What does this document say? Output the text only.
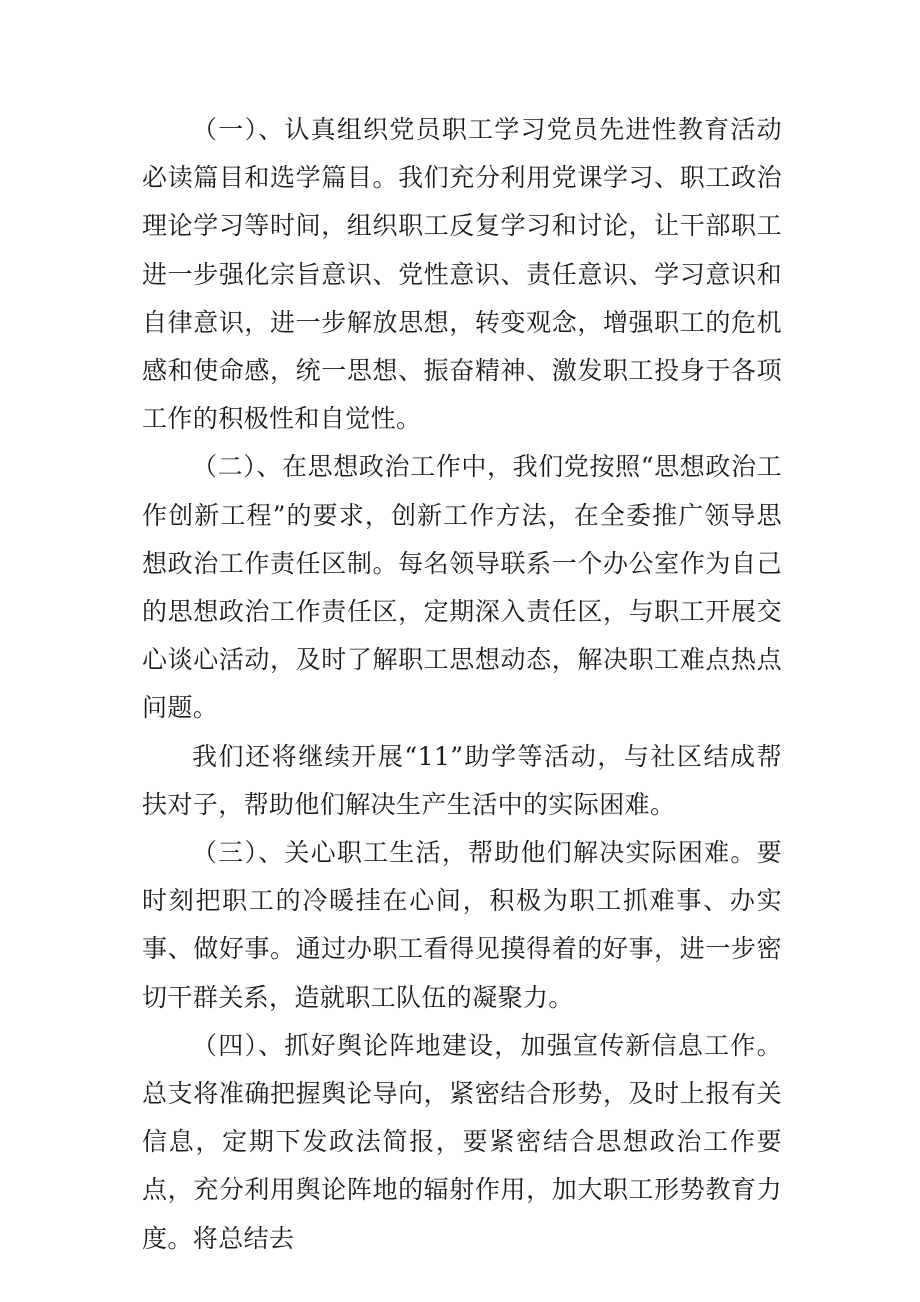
（一）、认真组织党员职工学习党员先进性教育活动必读篇目和选学篇目。我们充分利用党课学习、职工政治理论学习等时间，组织职工反复学习和讨论，让干部职工进一步强化宗旨意识、党性意识、责任意识、学习意识和自律意识，进一步解放思想，转变观念，增强职工的危机感和使命感，统一思想、振奋精神、激发职工投身于各项工作的积极性和自觉性。

（二）、在思想政治工作中，我们党按照“思想政治工作创新工程”的要求，创新工作方法，在全委推广领导思想政治工作责任区制。每名领导联系一个办公室作为自己的思想政治工作责任区，定期深入责任区，与职工开展交心谈心活动，及时了解职工思想动态，解决职工难点热点问题。

我们还将继续开展“11”助学等活动，与社区结成帮扶对子，帮助他们解决生产生活中的实际困难。

（三）、关心职工生活，帮助他们解决实际困难。要时刻把职工的冷暖挂在心间，积极为职工抓难事、办实事、做好事。通过办职工看得见摸得着的好事，进一步密切干群关系，造就职工队伍的凝聚力。

（四）、抓好舆论阵地建设，加强宣传新信息工作。总支将准确把握舆论导向，紧密结合形势，及时上报有关信息，定期下发政法简报，要紧密结合思想政治工作要点，充分利用舆论阵地的辐射作用，加大职工形势教育力度。将总结去
